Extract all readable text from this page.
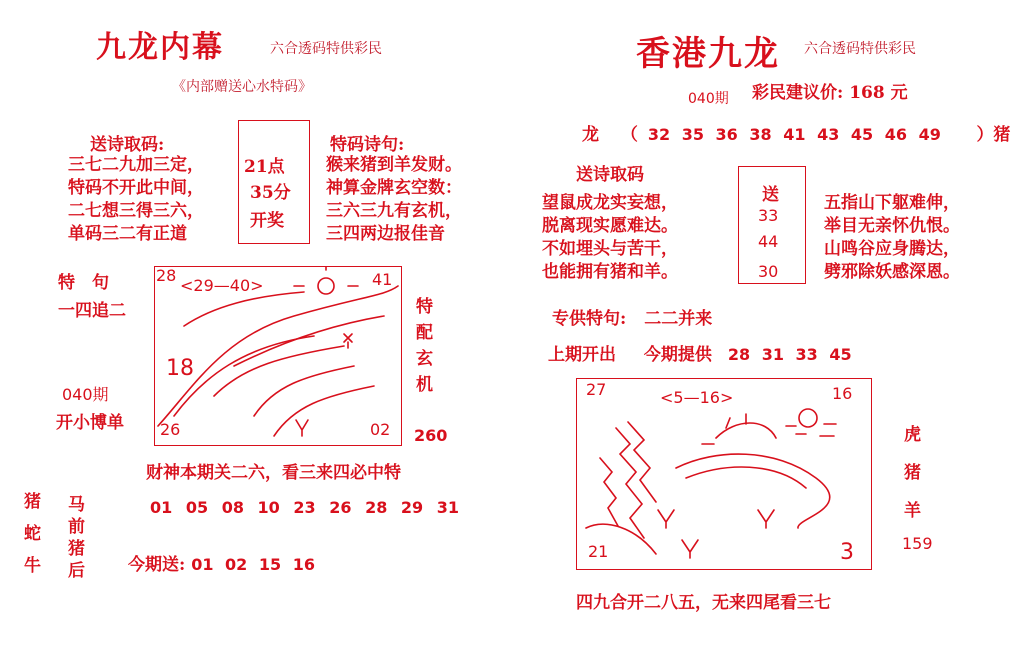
九龙内幕	六合透码特供彩民
《内部赠送心水特码》
送诗取码:
三七二九加三定，
特码不开此中间，
二七想三得三六，
单码三二有正道
21点
35分
开奖
特码诗句:
猴来猪到羊发财。
神算金牌玄空数：
三六三九有玄机，
三四两边报佳音
特　句
一四追二
040期
开小博单
28
<29—40>	41
18
26	02
特
配
玄
机
260
财神本期关二六，看三来四必中特
猪
蛇
牛
马
前
猪
后
01 05 08 10 23 26 28 29 31
今期送: 01 02 15 16
香港九龙 六合透码特供彩民
040期 彩民建议价: 168 元
龙 （ 32 35 36 38 41 43 45 46 49 ）猪
送诗取码
望鼠成龙实妄想，
脱离现实愿难达。
不如埋头与苦干，
也能拥有猪和羊。
送
33
44
30
五指山下躯难伸，
举目无亲怀仇恨。
山鸣谷应身腾达，
劈邪除妖感深恩。
专供特句: 二二并来
上期开出 今期提供 28 31 33 45
27	<5—16>	16
21	3
虎
猪
羊
159
四九合开二八五，无来四尾看三七
